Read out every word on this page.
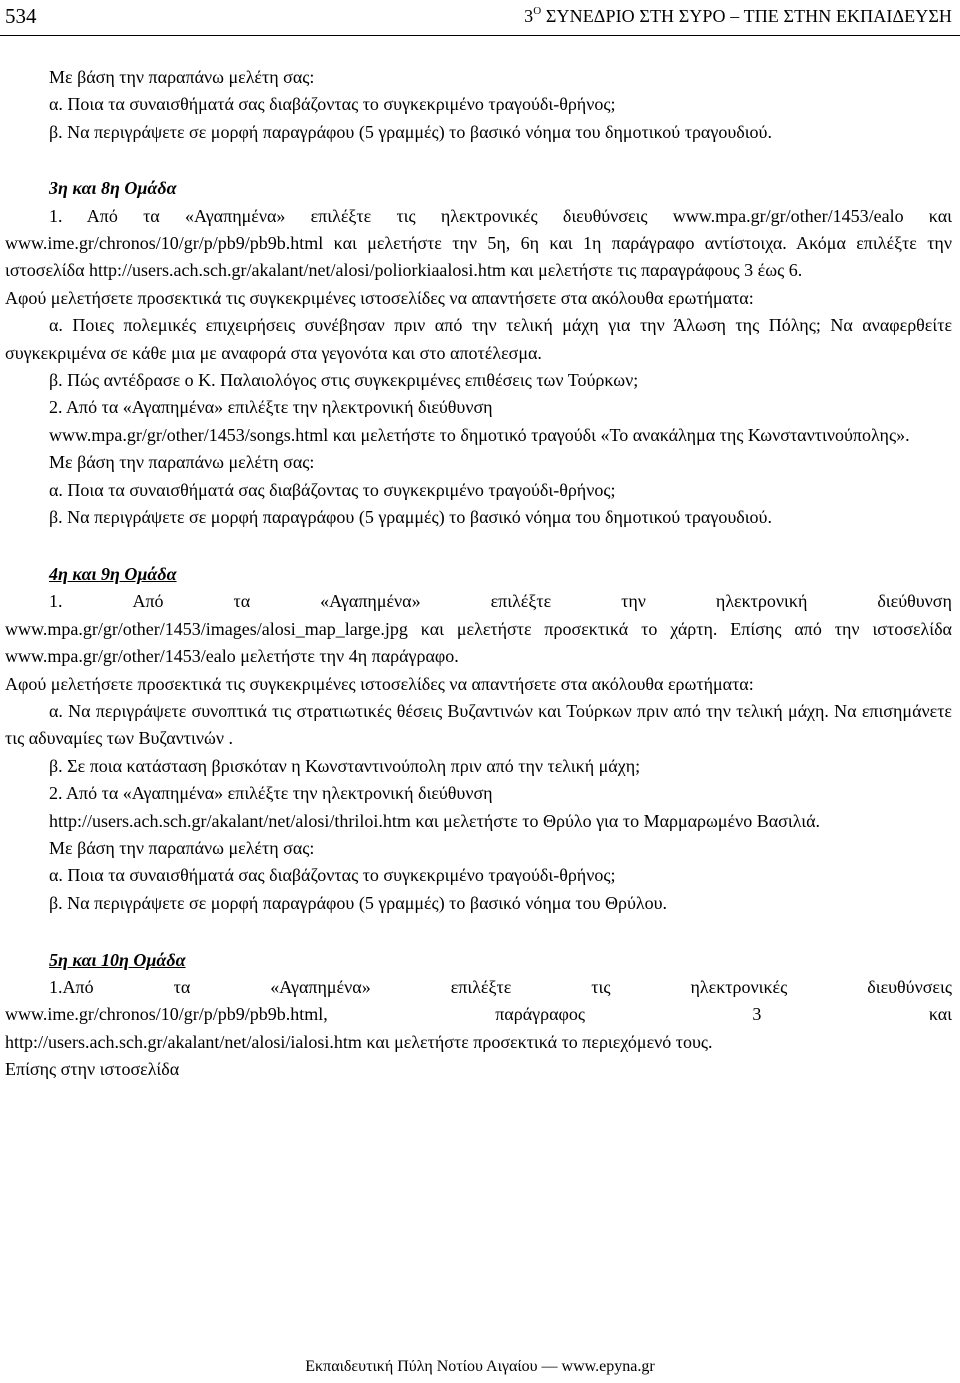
534	$3^O$ ΣΥΝΕΔΡΙΟ ΣΤΗ ΣΥΡΟ – ΤΠΕ ΣΤΗΝ ΕΚΠΑΙΔΕΥΣΗ

Με βάση την παραπάνω μελέτη σας:

α. Ποια τα συναισθήματά σας διαβάζοντας το συγκεκριμένο τραγούδι-θρήνος;

β. Να περιγράψετε σε μορφή παραγράφου (5 γραμμές) το βασικό νόημα του δημοτικού τραγουδιού.

3η και 8η Ομάδα

1. Από τα «Αγαπημένα» επιλέξτε τις ηλεκτρονικές διευθύνσεις www.mpa.gr/gr/other/1453/ealo και www.ime.gr/chronos/10/gr/p/pb9/pb9b.html και μελετήστε την 5η, 6η και 1η παράγραφο αντίστοιχα. Ακόμα επιλέξτε την ιστοσελίδα http://users.ach.sch.gr/akalant/net/alosi/poliorkiaalosi.htm και μελετήστε τις παραγράφους 3 έως 6.

Αφού μελετήσετε προσεκτικά τις συγκεκριμένες ιστοσελίδες να απαντήσετε στα ακόλουθα ερωτήματα:

α. Ποιες πολεμικές επιχειρήσεις συνέβησαν πριν από την τελική μάχη για την Άλωση της Πόλης; Να αναφερθείτε συγκεκριμένα σε κάθε μια με αναφορά στα γεγονότα και στο αποτέλεσμα.

β. Πώς αντέδρασε ο Κ. Παλαιολόγος στις συγκεκριμένες επιθέσεις των Τούρκων;

2. Από τα «Αγαπημένα» επιλέξτε την ηλεκτρονική διεύθυνση

www.mpa.gr/gr/other/1453/songs.html και μελετήστε το δημοτικό τραγούδι «Το ανακάλημα της Κωνσταντινούπολης».

Με βάση την παραπάνω μελέτη σας:

α. Ποια τα συναισθήματά σας διαβάζοντας το συγκεκριμένο τραγούδι-θρήνος;

β. Να περιγράψετε σε μορφή παραγράφου (5 γραμμές) το βασικό νόημα του δημοτικού τραγουδιού.

4η και 9η Ομάδα

1.	Από	τα	«Αγαπημένα»	επιλέξτε	την	ηλεκτρονική	διεύθυνση

www.mpa.gr/gr/other/1453/images/alosi_map_large.jpg και μελετήστε προσεκτικά το χάρτη. Επίσης από την ιστοσελίδα www.mpa.gr/gr/other/1453/ealo μελετήστε την 4η παράγραφο.

Αφού μελετήσετε προσεκτικά τις συγκεκριμένες ιστοσελίδες να απαντήσετε στα ακόλουθα ερωτήματα:

α. Να περιγράψετε συνοπτικά τις στρατιωτικές θέσεις Βυζαντινών και Τούρκων πριν από την τελική μάχη. Να επισημάνετε τις αδυναμίες των Βυζαντινών .

β. Σε ποια κατάσταση βρισκόταν η Κωνσταντινούπολη πριν από την τελική μάχη;

2. Από τα «Αγαπημένα» επιλέξτε την ηλεκτρονική διεύθυνση

http://users.ach.sch.gr/akalant/net/alosi/thriloi.htm και μελετήστε το Θρύλο για το Μαρμαρωμένο Βασιλιά.

Με βάση την παραπάνω μελέτη σας:

α. Ποια τα συναισθήματά σας διαβάζοντας το συγκεκριμένο τραγούδι-θρήνος;

β. Να περιγράψετε σε μορφή παραγράφου (5 γραμμές) το βασικό νόημα του Θρύλου.

5η και 10η Ομάδα

1.Από	τα	«Αγαπημένα»	επιλέξτε	τις	ηλεκτρονικές	διευθύνσεις
www.ime.gr/chronos/10/gr/p/pb9/pb9b.html,	παράγραφος	3	και

http://users.ach.sch.gr/akalant/net/alosi/ialosi.htm και μελετήστε προσεκτικά το περιεχόμενό τους.

Επίσης στην ιστοσελίδα

Εκπαιδευτική Πύλη Νοτίου Αιγαίου — www.epyna.gr
